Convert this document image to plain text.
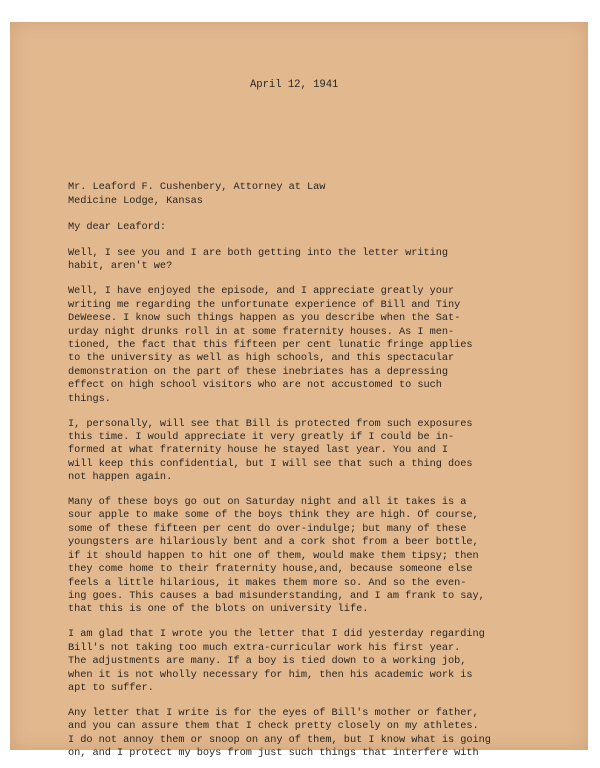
April 12, 1941
Mr. Leaford F. Cushenbery, Attorney at Law
Medicine Lodge, Kansas
My dear Leaford:
Well, I see you and I are both getting into the letter writing
habit, aren't we?
Well, I have enjoyed the episode, and I appreciate greatly your
writing me regarding the unfortunate experience of Bill and Tiny
DeWeese. I know such things happen as you describe when the Sat-
urday night drunks roll in at some fraternity houses. As I men-
tioned, the fact that this fifteen per cent lunatic fringe applies
to the university as well as high schools, and this spectacular
demonstration on the part of these inebriates has a depressing
effect on high school visitors who are not accustomed to such
things.
I, personally, will see that Bill is protected from such exposures
this time. I would appreciate it very greatly if I could be in-
formed at what fraternity house he stayed last year. You and I
will keep this confidential, but I will see that such a thing does
not happen again.
Many of these boys go out on Saturday night and all it takes is a
sour apple to make some of the boys think they are high. Of course,
some of these fifteen per cent do over-indulge; but many of these
youngsters are hilariously bent and a cork shot from a beer bottle,
if it should happen to hit one of them, would make them tipsy; then
they come home to their fraternity house,and, because someone else
feels a little hilarious, it makes them more so. And so the even-
ing goes. This causes a bad misunderstanding, and I am frank to say,
that this is one of the blots on university life.
I am glad that I wrote you the letter that I did yesterday regarding
Bill's not taking too much extra-curricular work his first year.
The adjustments are many. If a boy is tied down to a working job,
when it is not wholly necessary for him, then his academic work is
apt to suffer.
Any letter that I write is for the eyes of Bill's mother or father,
and you can assure them that I check pretty closely on my athletes.
I do not annoy them or snoop on any of them, but I know what is going
on, and I protect my boys from just such things that interfere with
